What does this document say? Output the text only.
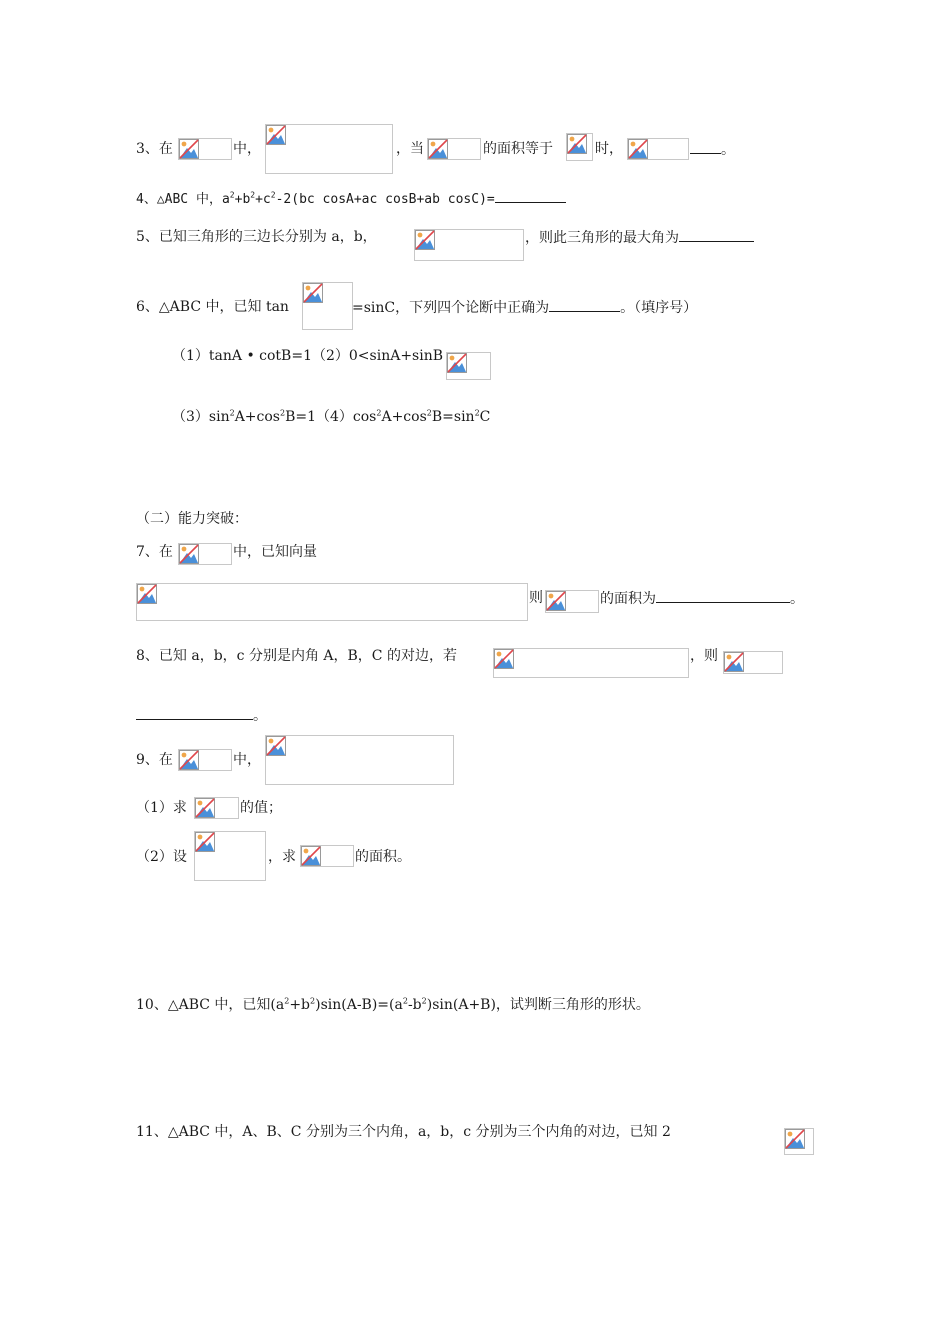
3、在	中，	，当	的面积等于	时，	。
4、△ABC 中，$a^2+b^2+c^2-2(bc$ cosA+ac cosB+ab cosC)=
5、已知三角形的三边长分别为 a，b，	，则此三角形的最大角为
6、△ABC 中，已知 tan	=sinC，下列四个论断中正确为	。（填序号）
（1）tanA • cotB=1（2）0<sinA+sinB
$(3)\sin^2A+\cos^2B=1(4)\cos^2A+\cos^2B=\sin^2C$
（二）能力突破：
7、在	中，已知向量
则	的面积为	。
8、已知 a，b，c 分别是内角 A，B，C 的对边，若	，则
。
9、在	中，
（1）求	的值；
（2）设	，求	的面积。
10、△ABC 中，已知$(a^2+b^2)\sin(A-B)=(a^2-b^2)\sin(A+B)$，试判断三角形的形状。
11、△ABC 中，A、B、C 分别为三个内角，a，b，c 分别为三个内角的对边，已知 2
